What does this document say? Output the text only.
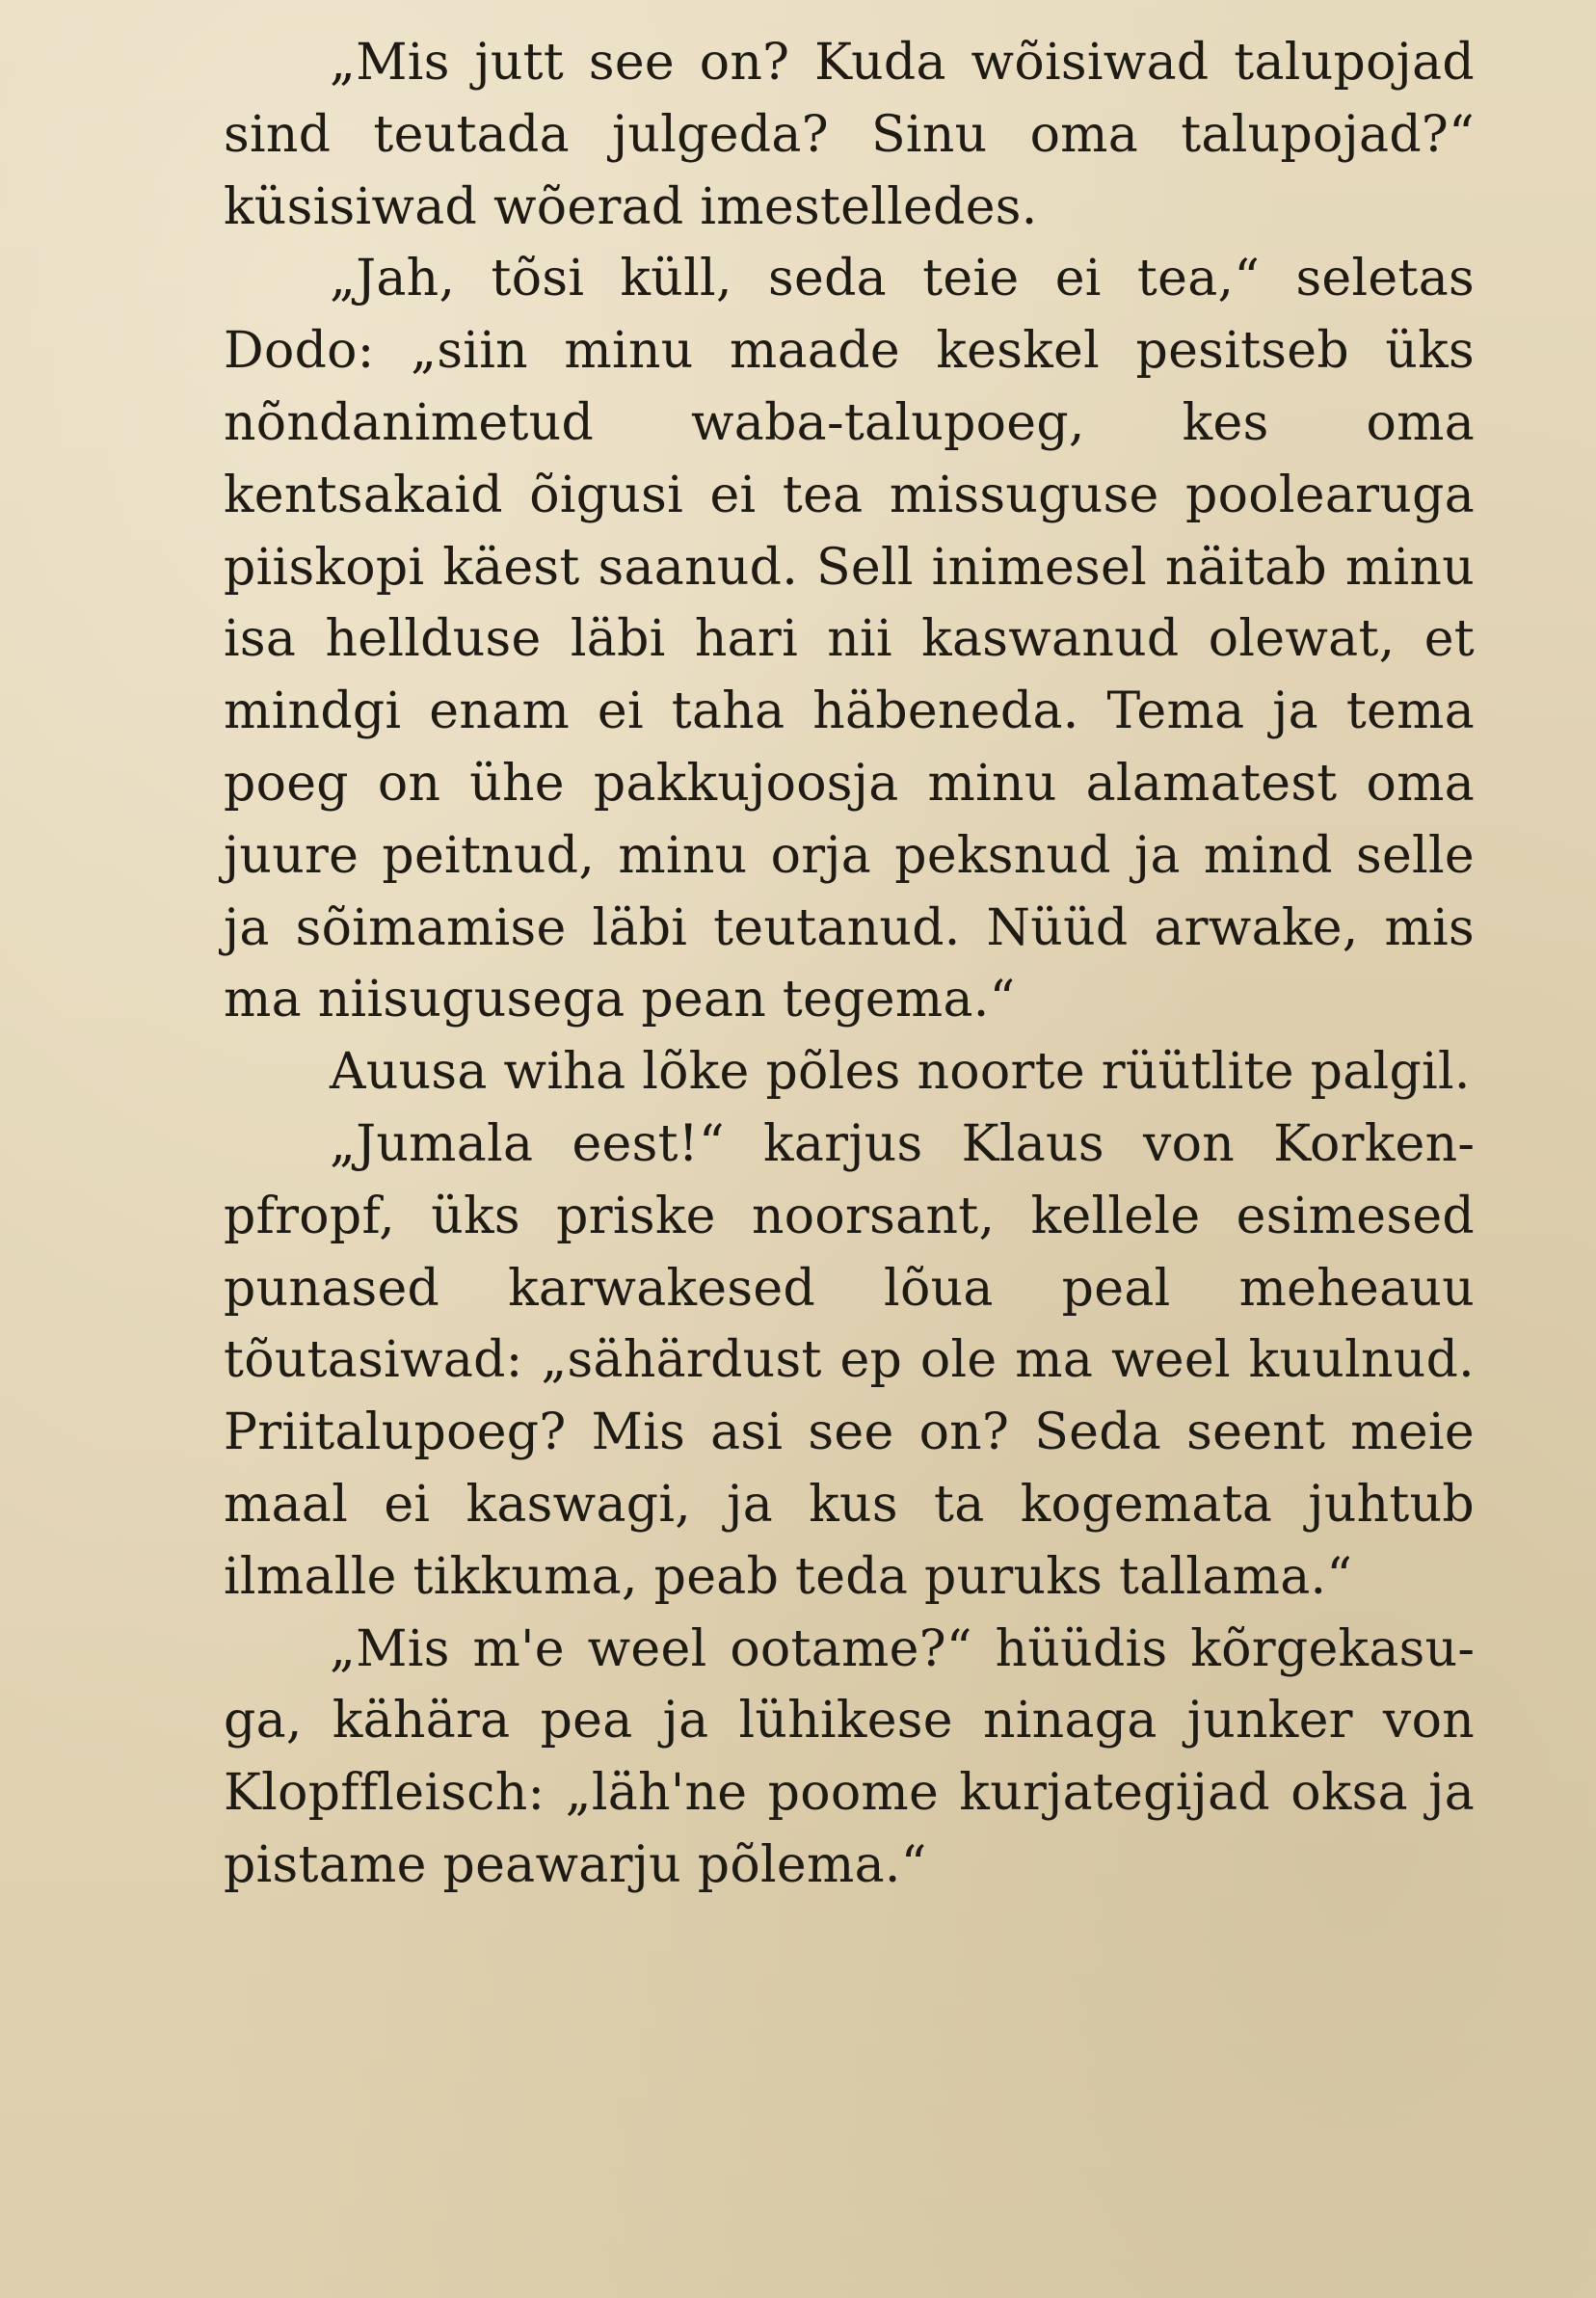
„Mis jutt see on? Kuda wõisiwad talupojad sind teutada julgeda? Sinu oma talupojad?“ küsisiwad wõerad imestelledes.

„Jah, tõsi küll, seda teie ei tea,“ seletas Dodo: „siin minu maade keskel pesitseb üks nõndanimetud waba-talupoeg, kes oma kentsakaid õigusi ei tea missuguse poolearuga piiskopi käest saanud. Sell inimesel näitab minu isa hellduse läbi hari nii kaswanud olewat, et mindgi enam ei taha häbeneda. Tema ja tema poeg on ühe pakkujoosja minu alamatest oma juure peitnud, minu orja peksnud ja mind selle ja sõimamise läbi teutanud. Nüüd arwake, mis ma niisugusega pean tegema.“

Auusa wiha lõke põles noorte rüütlite palgil.

„Jumala eest!“ karjus Klaus von Korkenpfropf, üks priske noorsant, kellele esimesed punased karwakesed lõua peal meheauu tõutasiwad: „sähärdust ep ole ma weel kuulnud. Priitalupoeg? Mis asi see on? Seda seent meie maal ei kaswagi, ja kus ta kogemata juhtub ilmalle tikkuma, peab teda puruks tallama.“

„Mis m'e weel ootame?“ hüüdis kõrgekasuga, kähära pea ja lühikese ninaga junker von Klopffleisch: „läh'ne poome kurjategijad oksa ja pistame peawarju põlema.“
